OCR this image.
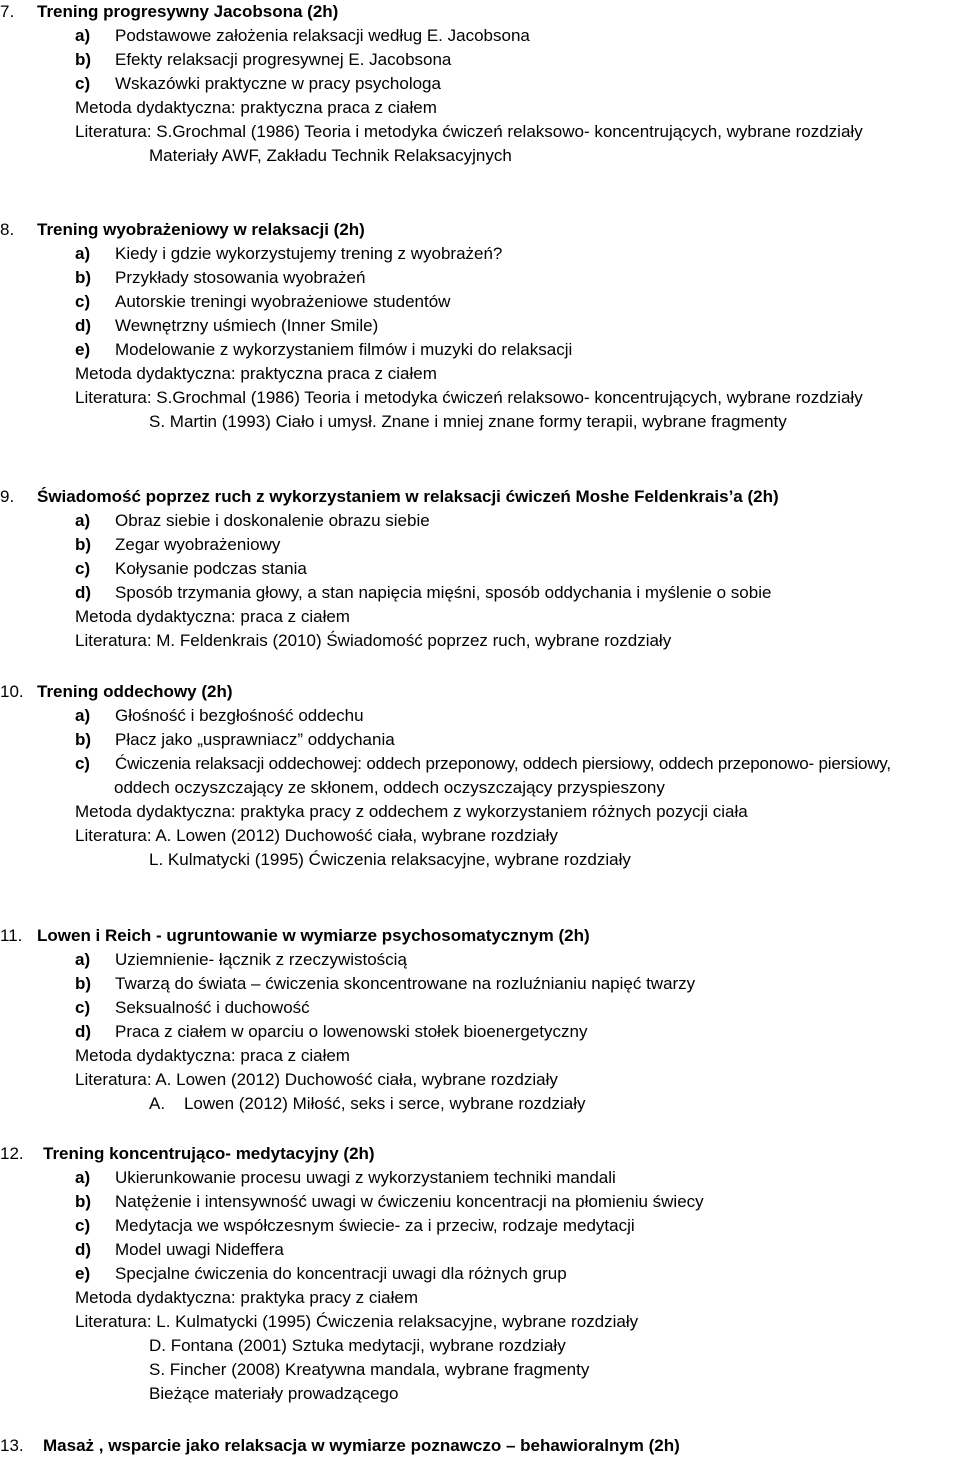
7. Trening progresywny Jacobsona (2h)
a) Podstawowe założenia relaksacji według E. Jacobsona
b) Efekty relaksacji progresywnej E. Jacobsona
c) Wskazówki praktyczne w pracy psychologa
Metoda dydaktyczna: praktyczna praca z ciałem
Literatura: S.Grochmal (1986) Teoria i metodyka ćwiczeń relaksowo- koncentrujących, wybrane rozdziały
Materiały AWF, Zakładu Technik Relaksacyjnych
8. Trening wyobrażeniowy w relaksacji (2h)
a) Kiedy i gdzie wykorzystujemy trening z wyobrażeń?
b) Przykłady stosowania wyobrażeń
c) Autorskie treningi wyobrażeniowe studentów
d) Wewnętrzny uśmiech (Inner Smile)
e) Modelowanie z wykorzystaniem filmów i muzyki do relaksacji
Metoda dydaktyczna: praktyczna praca z ciałem
Literatura: S.Grochmal (1986) Teoria i metodyka ćwiczeń relaksowo- koncentrujących, wybrane rozdziały
S. Martin (1993) Ciało i umysł. Znane i mniej znane formy terapii, wybrane fragmenty
9. Świadomość poprzez ruch z wykorzystaniem w relaksacji ćwiczeń Moshe Feldenkrais’a (2h)
a) Obraz siebie i doskonalenie obrazu siebie
b) Zegar wyobrażeniowy
c) Kołysanie podczas stania
d) Sposób trzymania głowy, a stan napięcia mięśni, sposób oddychania i myślenie o sobie
Metoda dydaktyczna: praca z ciałem
Literatura: M. Feldenkrais (2010) Świadomość poprzez ruch, wybrane rozdziały
10. Trening oddechowy (2h)
a) Głośność i bezgłośność oddechu
b) Płacz jako „usprawniacz” oddychania
c) Ćwiczenia relaksacji oddechowej: oddech przeponowy, oddech piersiowy, oddech przeponowo- piersiowy,
oddech oczyszczający ze skłonem, oddech oczyszczający przyspieszony
Metoda dydaktyczna: praktyka pracy z oddechem z wykorzystaniem różnych pozycji ciała
Literatura: A. Lowen (2012) Duchowość ciała, wybrane rozdziały
L. Kulmatycki (1995) Ćwiczenia relaksacyjne, wybrane rozdziały
11. Lowen i Reich - ugruntowanie w wymiarze psychosomatycznym (2h)
a) Uziemnienie- łącznik z rzeczywistością
b) Twarzą do świata – ćwiczenia skoncentrowane na rozluźnianiu napięć twarzy
c) Seksualność i duchowość
d) Praca z ciałem w oparciu o lowenowski stołek bioenergetyczny
Metoda dydaktyczna: praca z ciałem
Literatura: A. Lowen (2012) Duchowość ciała, wybrane rozdziały
A.    Lowen (2012) Miłość, seks i serce, wybrane rozdziały
12. Trening koncentrująco- medytacyjny (2h)
a) Ukierunkowanie procesu uwagi z wykorzystaniem techniki mandali
b) Natężenie i intensywność uwagi w ćwiczeniu koncentracji na płomieniu świecy
c) Medytacja we współczesnym świecie- za i przeciw, rodzaje medytacji
d) Model uwagi Nideffera
e) Specjalne ćwiczenia do koncentracji uwagi dla różnych grup
Metoda dydaktyczna: praktyka pracy z ciałem
Literatura: L. Kulmatycki (1995) Ćwiczenia relaksacyjne, wybrane rozdziały
D. Fontana (2001) Sztuka medytacji, wybrane rozdziały
S. Fincher (2008) Kreatywna mandala, wybrane fragmenty
Bieżące materiały prowadzącego
13. Masaż , wsparcie jako relaksacja w wymiarze poznawczo – behawioralnym (2h)
